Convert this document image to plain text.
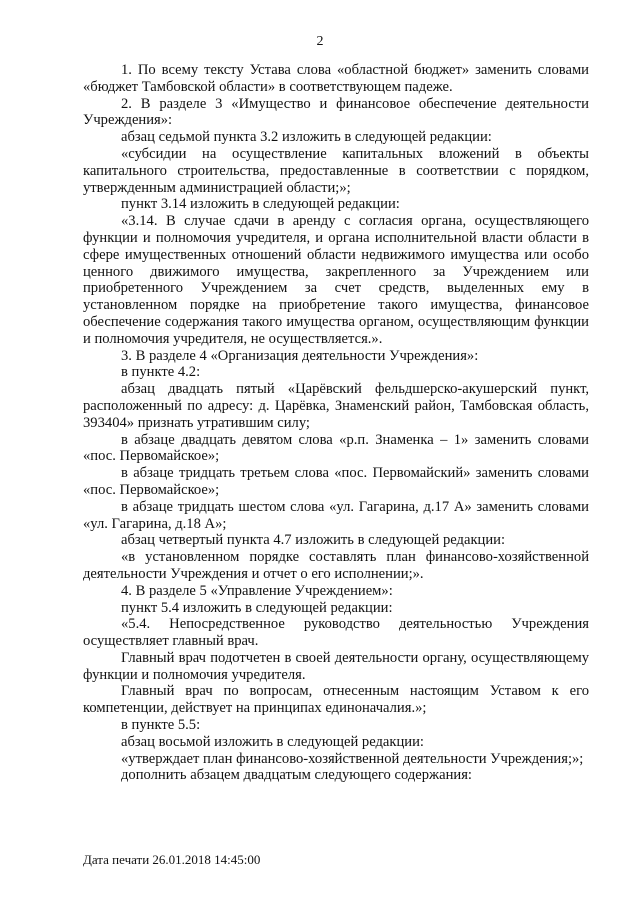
2

1. По всему тексту Устава слова «областной бюджет» заменить словами «бюджет Тамбовской области» в соответствующем падеже.

2. В разделе 3 «Имущество и финансовое обеспечение деятельности Учреждения»:

абзац седьмой пункта 3.2 изложить в следующей редакции:

«субсидии на осуществление капитальных вложений в объекты капитального строительства, предоставленные в соответствии с порядком, утвержденным администрацией области;»;

пункт 3.14 изложить в следующей редакции:

«3.14. В случае сдачи в аренду с согласия органа, осуществляющего функции и полномочия учредителя, и органа исполнительной власти области в сфере имущественных отношений области недвижимого имущества или особо ценного движимого имущества, закрепленного за Учреждением или приобретенного Учреждением за счет средств, выделенных ему в установленном порядке на приобретение такого имущества, финансовое обеспечение содержания такого имущества органом, осуществляющим функции и полномочия учредителя, не осуществляется.».

3. В разделе 4 «Организация деятельности Учреждения»:

в пункте 4.2:

абзац двадцать пятый «Царёвский фельдшерско-акушерский пункт, расположенный по адресу: д. Царёвка, Знаменский район, Тамбовская область, 393404» признать утратившим силу;

в абзаце двадцать девятом слова «р.п. Знаменка – 1» заменить словами «пос. Первомайское»;

в абзаце тридцать третьем слова «пос. Первомайский» заменить словами «пос. Первомайское»;

в абзаце тридцать шестом слова «ул. Гагарина, д.17 А» заменить словами «ул. Гагарина, д.18 А»;

абзац четвертый пункта 4.7 изложить в следующей редакции:

«в установленном порядке составлять план финансово-хозяйственной деятельности Учреждения и отчет о его исполнении;».

4. В разделе 5 «Управление Учреждением»:

пункт 5.4 изложить в следующей редакции:

«5.4. Непосредственное руководство деятельностью Учреждения осуществляет главный врач.

Главный врач подотчетен в своей деятельности органу, осуществляющему функции и полномочия учредителя.

Главный врач по вопросам, отнесенным настоящим Уставом к его компетенции, действует на принципах единоначалия.»;

в пункте 5.5:

абзац восьмой изложить в следующей редакции:

«утверждает план финансово-хозяйственной деятельности Учреждения;»;

дополнить абзацем двадцатым следующего содержания:

Дата печати 26.01.2018 14:45:00
